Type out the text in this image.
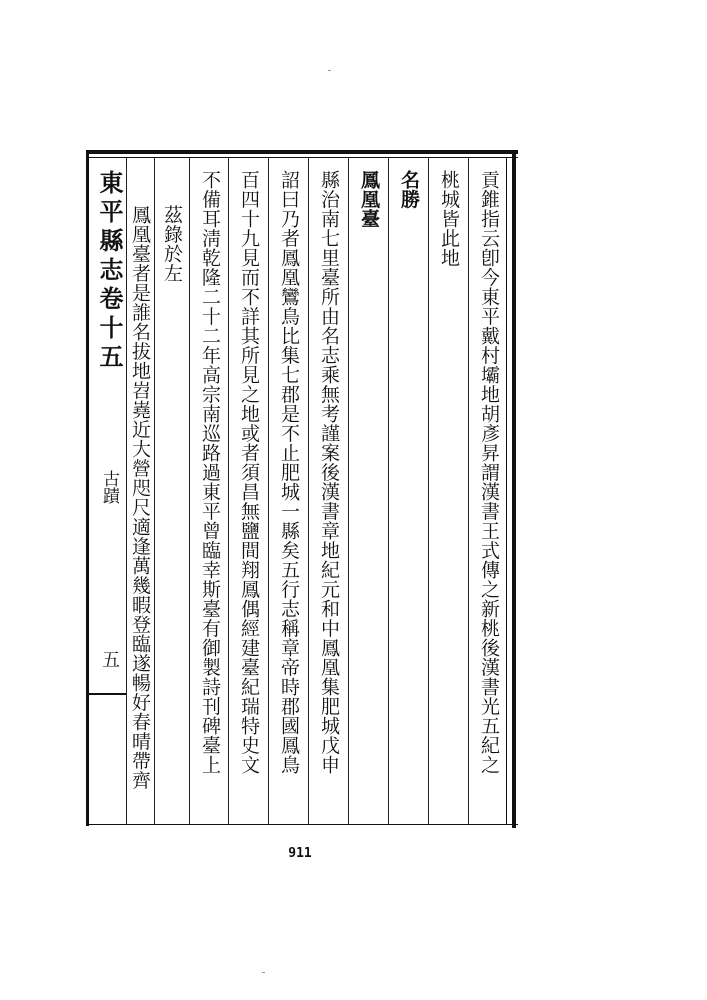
東平縣志卷十五
古蹟
五	貢錐指云卽今東平戴村壩地胡彥昇謂漢書王式傳之新桃後漢書光五紀之
桃城皆此地
名勝
鳳凰臺
縣治南七里臺所由名志乘無考謹案後漢書章地紀元和中鳳凰集肥城戊申
詔曰乃者鳳凰鸞鳥比集七郡是不止肥城一縣矣五行志稱章帝時郡國鳳鳥
百四十九見而不詳其所見之地或者須昌無鹽間翔鳳偶經建臺紀瑞特史文
不備耳淸乾隆二十二年高宗南巡路過東平曾臨幸斯臺有御製詩刊碑臺上
茲錄於左
鳳凰臺者是誰名拔地岧嶤近大營咫尺適逢萬幾暇登臨遂暢好春晴帶齊
911
